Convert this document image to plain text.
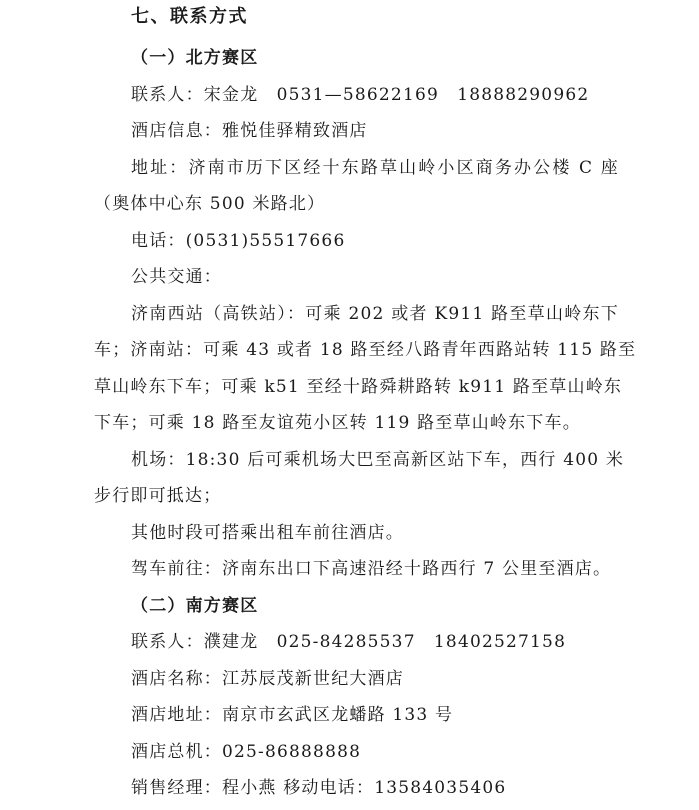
七、联系方式
（一）北方赛区
联系人：宋金龙　0531—58622169　18888290962
酒店信息：雅悦佳驿精致酒店
地址：济南市历下区经十东路草山岭小区商务办公楼 C 座
（奥体中心东 500 米路北）
电话：(0531)55517666
公共交通：
济南西站（高铁站）：可乘 202 或者 K911 路至草山岭东下
车；济南站：可乘 43 或者 18 路至经八路青年西路站转 115 路至
草山岭东下车；可乘 k51 至经十路舜耕路转 k911 路至草山岭东
下车；可乘 18 路至友谊苑小区转 119 路至草山岭东下车。
机场：18:30 后可乘机场大巴至高新区站下车，西行 400 米
步行即可抵达；
其他时段可搭乘出租车前往酒店。
驾车前往：济南东出口下高速沿经十路西行 7 公里至酒店。
（二）南方赛区
联系人：濮建龙　025-84285537　18402527158
酒店名称：江苏辰茂新世纪大酒店
酒店地址：南京市玄武区龙蟠路 133 号
酒店总机：025-86888888
销售经理：程小燕 移动电话：13584035406
